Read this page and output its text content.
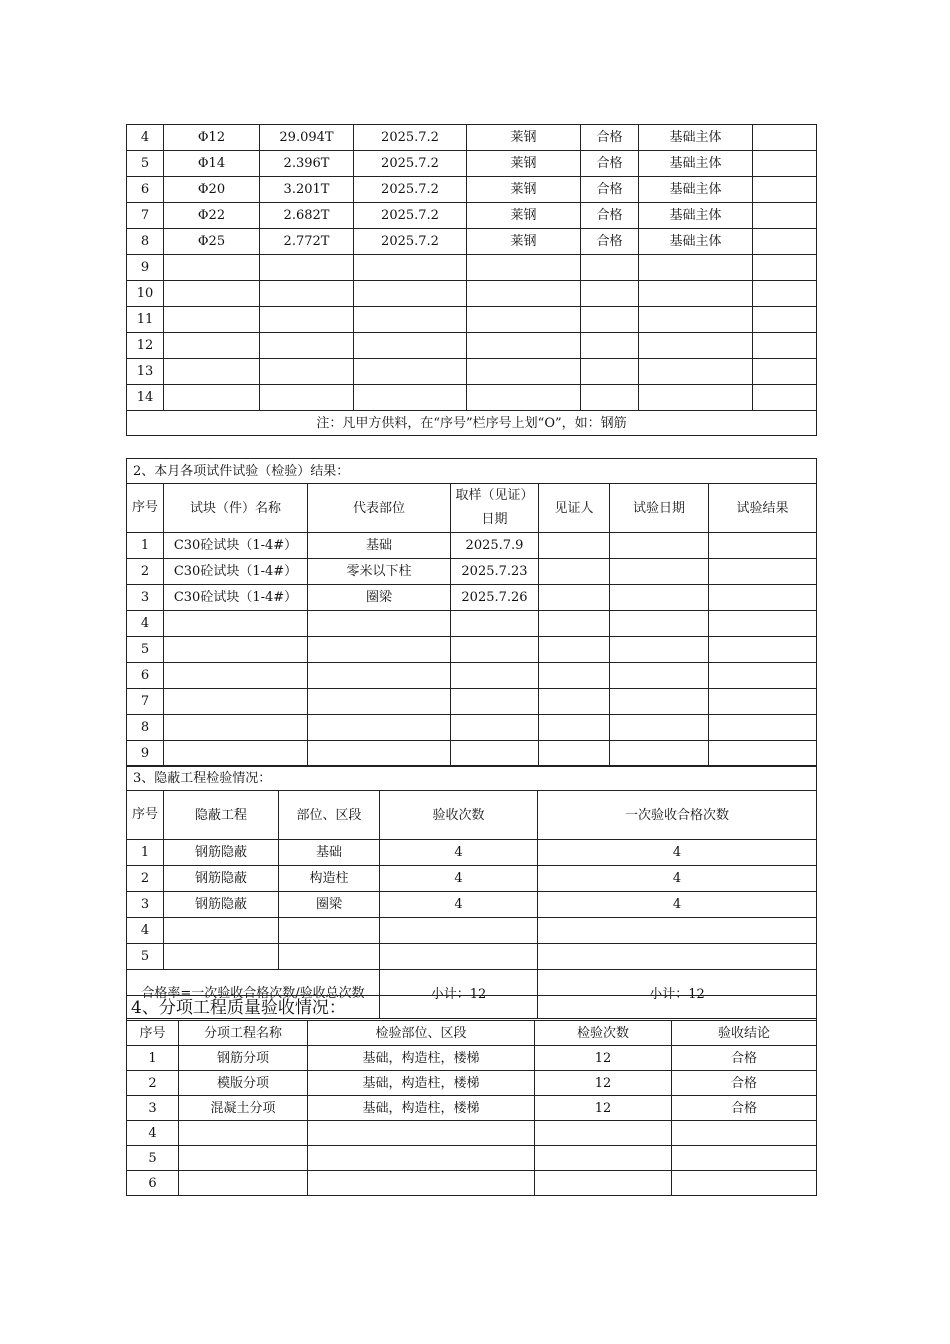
4	Φ12	29.094T	2025.7.2	莱钢	合格	基础主体	
5	Φ14	2.396T	2025.7.2	莱钢	合格	基础主体	
6	Φ20	3.201T	2025.7.2	莱钢	合格	基础主体	
7	Φ22	2.682T	2025.7.2	莱钢	合格	基础主体	
8	Φ25	2.772T	2025.7.2	莱钢	合格	基础主体	
9							
10							
11							
12							
13							
14							
注：凡甲方供料，在“序号”栏序号上划“O”，如：钢筋							
2、本月各项试件试验（检验）结果：						
序号	试块（件）名称	代表部位	取样（见证）日期	见证人	试验日期	试验结果
1	C30砼试块（1-4#）	基础	2025.7.9			
2	C30砼试块（1-4#）	零米以下柱	2025.7.23			
3	C30砼试块（1-4#）	圈梁	2025.7.26			
4						
5						
6						
7						
8						
9						
3、隐蔽工程检验情况：				
序号	隐蔽工程	部位、区段	验收次数	一次验收合格次数
1	钢筋隐蔽	基础	4	4
2	钢筋隐蔽	构造柱	4	4
3	钢筋隐蔽	圈梁	4	4
4				
5				
合格率=一次验收合格次数/验收总次数			小计：12	小计：12
4、分项工程质量验收情况：				
序号	分项工程名称	检验部位、区段	检验次数	验收结论
1	钢筋分项	基础，构造柱，楼梯	12	合格
2	模版分项	基础，构造柱，楼梯	12	合格
3	混凝土分项	基础，构造柱，楼梯	12	合格
4				
5				
6				
